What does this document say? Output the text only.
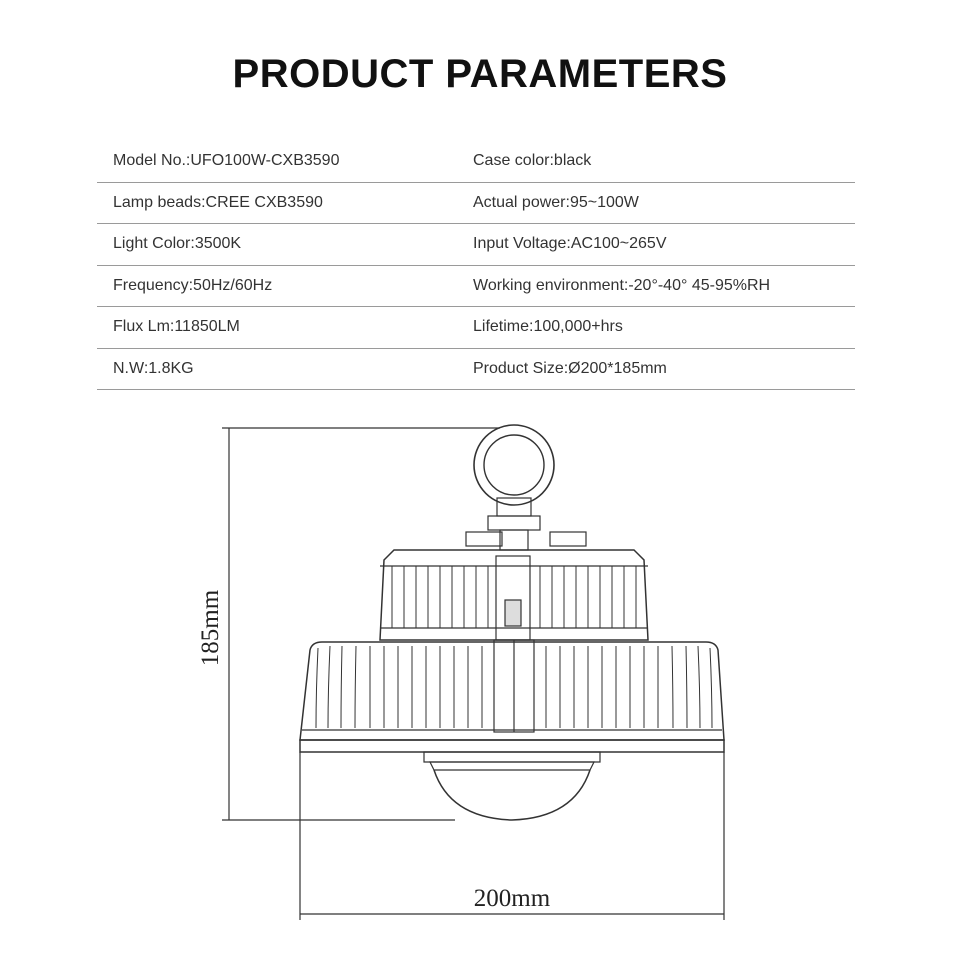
PRODUCT PARAMETERS
Model No.:UFO100W-CXB3590	Case color:black
Lamp beads:CREE CXB3590	Actual power:95~100W
Light Color:3500K	Input Voltage:AC100~265V
Frequency:50Hz/60Hz	Working environment:-20°-40° 45-95%RH
Flux Lm:11850LM	Lifetime:100,000+hrs
N.W:1.8KG	Product Size:Ø200*185mm
185mm
200mm
